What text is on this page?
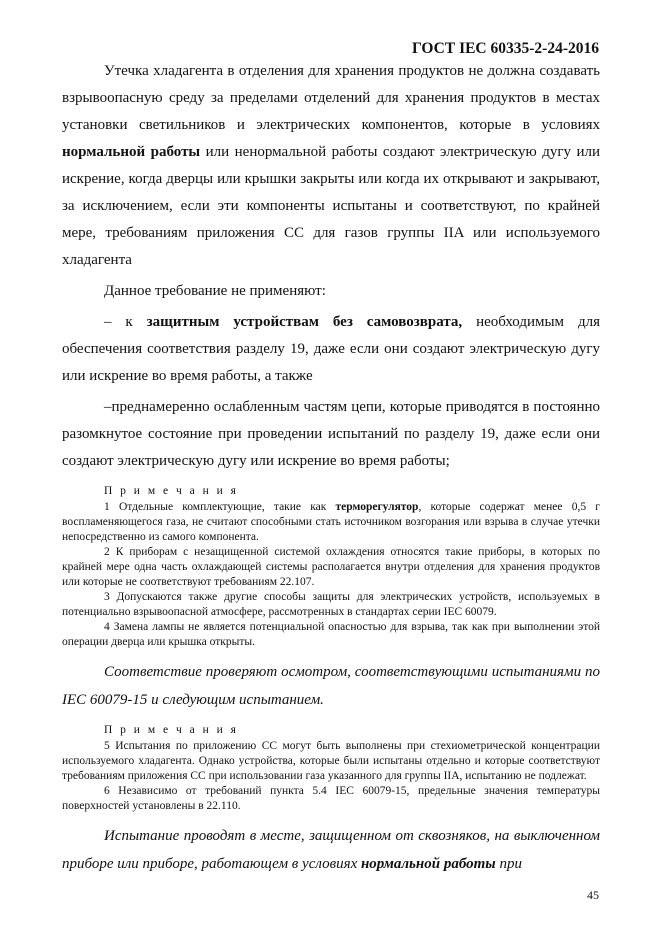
ГОСТ IEC 60335-2-24-2016

Утечка хладагента в отделения для хранения продуктов не должна создавать взрывоопасную среду за пределами отделений для хранения продуктов в местах установки светильников и электрических компонентов, которые в условиях нормальной работы или ненормальной работы создают электрическую дугу или искрение, когда дверцы или крышки закрыты или когда их открывают и закрывают, за исключением, если эти компоненты испытаны и соответствуют, по крайней мере, требованиям приложения СС для газов группы IIA или используемого хладагента

Данное требование не применяют:

– к защитным устройствам без самовозврата, необходимым для обеспечения соответствия разделу 19, даже если они создают электрическую дугу или искрение во время работы, а также

–преднамеренно ослабленным частям цепи, которые приводятся в постоянно разомкнутое состояние при проведении испытаний по разделу 19, даже если они создают электрическую дугу или искрение во время работы;

П р и м е ч а н и я

1 Отдельные комплектующие, такие как терморегулятор, которые содержат менее 0,5 г воспламеняющегося газа, не считают способными стать источником возгорания или взрыва в случае утечки непосредственно из самого компонента.

2 К приборам с незащищенной системой охлаждения относятся такие приборы, в которых по крайней мере одна часть охлаждающей системы располагается внутри отделения для хранения продуктов или которые не соответствуют требованиям 22.107.

3 Допускаются также другие способы защиты для электрических устройств, используемых в потенциально взрывоопасной атмосфере, рассмотренных в стандартах серии IEC 60079.

4 Замена лампы не является потенциальной опасностью для взрыва, так как при выполнении этой операции дверца или крышка открыты.

Соответствие проверяют осмотром, соответствующими испытаниями по IEC 60079-15 и следующим испытанием.

П р и м е ч а н и я

5 Испытания по приложению СС могут быть выполнены при стехиометрической концентрации используемого хладагента. Однако устройства, которые были испытаны отдельно и которые соответствуют требованиям приложения СС при использовании газа указанного для группы IIA, испытанию не подлежат.

6 Независимо от требований пункта 5.4 IEC 60079-15, предельные значения температуры поверхностей установлены в 22.110.

Испытание проводят в месте, защищенном от сквозняков, на выключенном приборе или приборе, работающем в условиях нормальной работы при

45
